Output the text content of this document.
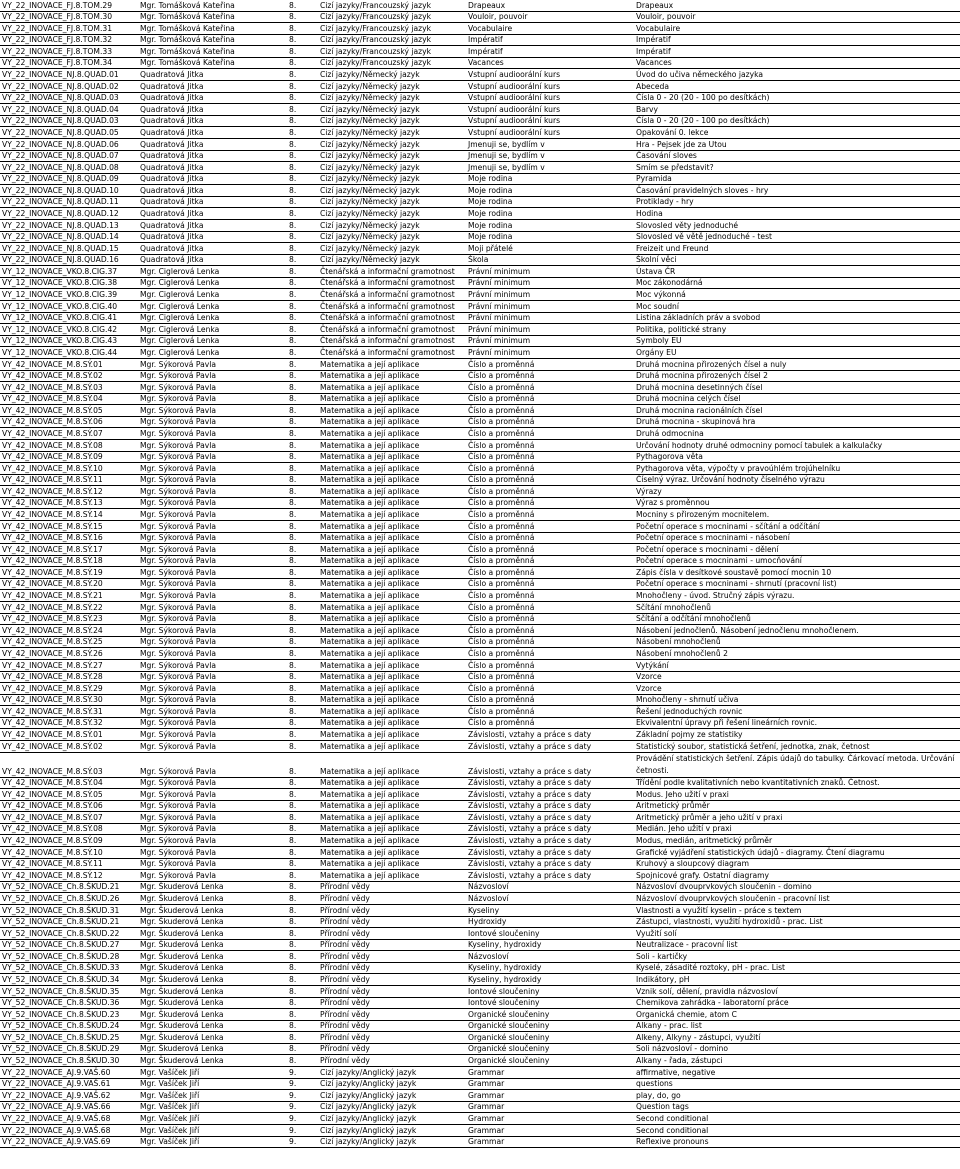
VY_22_INOVACE_FJ.8.TOM.29	Mgr. Tomášková Kateřina	8.	Cizí jazyky/Francouzský jazyk	Drapeaux	Drapeaux
VY_22_INOVACE_FJ.8.TOM.30	Mgr. Tomášková Kateřina	8.	Cizí jazyky/Francouzský jazyk	Vouloir, pouvoir	Vouloir, pouvoir
VY_22_INOVACE_FJ.8.TOM.31	Mgr. Tomášková Kateřina	8.	Cizí jazyky/Francouzský jazyk	Vocabulaire	Vocabulaire
VY_22_INOVACE_FJ.8.TOM.32	Mgr. Tomášková Kateřina	8.	Cizí jazyky/Francouzský jazyk	Impératif	Impératif
VY_22_INOVACE_FJ.8.TOM.33	Mgr. Tomášková Kateřina	8.	Cizí jazyky/Francouzský jazyk	Impératif	Impératif
VY_22_INOVACE_FJ.8.TOM.34	Mgr. Tomášková Kateřina	8.	Cizí jazyky/Francouzský jazyk	Vacances	Vacances
VY_22_INOVACE_NJ.8.QUAD.01	Quadratová Jitka	8.	Cizí jazyky/Německý jazyk	Vstupní audioorální kurs	Úvod do učiva německého jazyka
VY_22_INOVACE_NJ.8.QUAD.02	Quadratová Jitka	8.	Cizí jazyky/Německý jazyk	Vstupní audioorální kurs	Abeceda
VY_22_INOVACE_NJ.8.QUAD.03	Quadratová Jitka	8.	Cizí jazyky/Německý jazyk	Vstupní audioorální kurs	Čísla 0 - 20 (20 - 100 po desítkách)
VY_22_INOVACE_NJ.8.QUAD.04	Quadratová Jitka	8.	Cizí jazyky/Německý jazyk	Vstupní audioorální kurs	Barvy
VY_22_INOVACE_NJ.8.QUAD.03	Quadratová Jitka	8.	Cizí jazyky/Německý jazyk	Vstupní audioorální kurs	Čísla 0 - 20 (20 - 100 po desítkách)
VY_22_INOVACE_NJ.8.QUAD.05	Quadratová Jitka	8.	Cizí jazyky/Německý jazyk	Vstupní audioorální kurs	Opakování 0. lekce
VY_22_INOVACE_NJ.8.QUAD.06	Quadratová Jitka	8.	Cizí jazyky/Německý jazyk	Jmenuji se, bydlím v	Hra - Pejsek jde za Utou
VY_22_INOVACE_NJ.8.QUAD.07	Quadratová Jitka	8.	Cizí jazyky/Německý jazyk	Jmenuji se, bydlím v	Časování sloves
VY_22_INOVACE_NJ.8.QUAD.08	Quadratová Jitka	8.	Cizí jazyky/Německý jazyk	Jmenuji se, bydlím v	Smím se představit?
VY_22_INOVACE_NJ.8.QUAD.09	Quadratová Jitka	8.	Cizí jazyky/Německý jazyk	Moje rodina	Pyramida
VY_22_INOVACE_NJ.8.QUAD.10	Quadratová Jitka	8.	Cizí jazyky/Německý jazyk	Moje rodina	Časování pravidelných sloves - hry
VY_22_INOVACE_NJ.8.QUAD.11	Quadratová Jitka	8.	Cizí jazyky/Německý jazyk	Moje rodina	Protiklady - hry
VY_22_INOVACE_NJ.8.QUAD.12	Quadratová Jitka	8.	Cizí jazyky/Německý jazyk	Moje rodina	Hodina
VY_22_INOVACE_NJ.8.QUAD.13	Quadratová Jitka	8.	Cizí jazyky/Německý jazyk	Moje rodina	Slovosled věty jednoduché
VY_22_INOVACE_NJ.8.QUAD.14	Quadratová Jitka	8.	Cizí jazyky/Německý jazyk	Moje rodina	Slovosled vě větě jednoduché - test
VY_22_INOVACE_NJ.8.QUAD.15	Quadratová Jitka	8.	Cizí jazyky/Německý jazyk	Moji přátelé	Freizeit und Freund
VY_22_INOVACE_NJ.8.QUAD.16	Quadratová Jitka	8.	Cizí jazyky/Německý jazyk	Škola	Školní věci
VY_12_INOVACE_VKO.8.CIG.37	Mgr. Ciglerová Lenka	8.	Čtenářská a informační gramotnost	Právní minimum	Ústava ČR
VY_12_INOVACE_VKO.8.CIG.38	Mgr. Ciglerová Lenka	8.	Čtenářská a informační gramotnost	Právní minimum	Moc zákonodárná
VY_12_INOVACE_VKO.8.CIG.39	Mgr. Ciglerová Lenka	8.	Čtenářská a informační gramotnost	Právní minimum	Moc výkonná
VY_12_INOVACE_VKO.8.CIG.40	Mgr. Ciglerová Lenka	8.	Čtenářská a informační gramotnost	Právní minimum	Moc soudní
VY_12_INOVACE_VKO.8.CIG.41	Mgr. Ciglerová Lenka	8.	Čtenářská a informační gramotnost	Právní minimum	Listina základních práv a svobod
VY_12_INOVACE_VKO.8.CIG.42	Mgr. Ciglerová Lenka	8.	Čtenářská a informační gramotnost	Právní minimum	Politika, politické strany
VY_12_INOVACE_VKO.8.CIG.43	Mgr. Ciglerová Lenka	8.	Čtenářská a informační gramotnost	Právní minimum	Symboly EU
VY_12_INOVACE_VKO.8.CIG.44	Mgr. Ciglerová Lenka	8.	Čtenářská a informační gramotnost	Právní minimum	Orgány EU
VY_42_INOVACE_M.8.SÝ.01	Mgr. Sýkorová Pavla	8.	Matematika a její aplikace	Číslo a proměnná	Druhá mocnina přirozených čísel a nuly
VY_42_INOVACE_M.8.SÝ.02	Mgr. Sýkorová Pavla	8.	Matematika a její aplikace	Číslo a proměnná	Druhá mocnina přirozených čísel 2
VY_42_INOVACE_M.8.SÝ.03	Mgr. Sýkorová Pavla	8.	Matematika a její aplikace	Číslo a proměnná	Druhá mocnina desetinných čísel
VY_42_INOVACE_M.8.SÝ.04	Mgr. Sýkorová Pavla	8.	Matematika a její aplikace	Číslo a proměnná	Druhá mocnina celých čísel
VY_42_INOVACE_M.8.SÝ.05	Mgr. Sýkorová Pavla	8.	Matematika a její aplikace	Číslo a proměnná	Druhá mocnina racionálních čísel
VY_42_INOVACE_M.8.SÝ.06	Mgr. Sýkorová Pavla	8.	Matematika a její aplikace	Číslo a proměnná	Druhá mocnina - skupinová hra
VY_42_INOVACE_M.8.SÝ.07	Mgr. Sýkorová Pavla	8.	Matematika a její aplikace	Číslo a proměnná	Druhá odmocnina
VY_42_INOVACE_M.8.SÝ.08	Mgr. Sýkorová Pavla	8.	Matematika a její aplikace	Číslo a proměnná	Určování hodnoty druhé odmocniny pomocí tabulek a kalkulačky
VY_42_INOVACE_M.8.SÝ.09	Mgr. Sýkorová Pavla	8.	Matematika a její aplikace	Číslo a proměnná	Pythagorova věta
VY_42_INOVACE_M.8.SÝ.10	Mgr. Sýkorová Pavla	8.	Matematika a její aplikace	Číslo a proměnná	Pythagorova věta, výpočty v pravoúhlém trojúhelníku
VY_42_INOVACE_M.8.SÝ.11	Mgr. Sýkorová Pavla	8.	Matematika a její aplikace	Číslo a proměnná	Číselný výraz. Určování hodnoty číselného výrazu
VY_42_INOVACE_M.8.SÝ.12	Mgr. Sýkorová Pavla	8.	Matematika a její aplikace	Číslo a proměnná	Výrazy
VY_42_INOVACE_M.8.SÝ.13	Mgr. Sýkorová Pavla	8.	Matematika a její aplikace	Číslo a proměnná	Výraz s proměnnou
VY_42_INOVACE_M.8.SÝ.14	Mgr. Sýkorová Pavla	8.	Matematika a její aplikace	Číslo a proměnná	Mocniny s přirozeným mocnitelem.
VY_42_INOVACE_M.8.SÝ.15	Mgr. Sýkorová Pavla	8.	Matematika a její aplikace	Číslo a proměnná	Početní operace s mocninami - sčítání a odčítání
VY_42_INOVACE_M.8.SÝ.16	Mgr. Sýkorová Pavla	8.	Matematika a její aplikace	Číslo a proměnná	Početní operace s mocninami - násobení
VY_42_INOVACE_M.8.SÝ.17	Mgr. Sýkorová Pavla	8.	Matematika a její aplikace	Číslo a proměnná	Početní operace s mocninami - dělení
VY_42_INOVACE_M.8.SÝ.18	Mgr. Sýkorová Pavla	8.	Matematika a její aplikace	Číslo a proměnná	Početní operace s mocninami - umocňování
VY_42_INOVACE_M.8.SÝ.19	Mgr. Sýkorová Pavla	8.	Matematika a její aplikace	Číslo a proměnná	Zápis čísla v desítkové soustavě pomocí mocnin 10
VY_42_INOVACE_M.8.SÝ.20	Mgr. Sýkorová Pavla	8.	Matematika a její aplikace	Číslo a proměnná	Početní operace s mocninami - shrnutí (pracovní list)
VY_42_INOVACE_M.8.SÝ.21	Mgr. Sýkorová Pavla	8.	Matematika a její aplikace	Číslo a proměnná	Mnohočleny - úvod. Stručný zápis výrazu.
VY_42_INOVACE_M.8.SÝ.22	Mgr. Sýkorová Pavla	8.	Matematika a její aplikace	Číslo a proměnná	Sčítání mnohočlenů
VY_42_INOVACE_M.8.SÝ.23	Mgr. Sýkorová Pavla	8.	Matematika a její aplikace	Číslo a proměnná	Sčítání a odčítání mnohočlenů
VY_42_INOVACE_M.8.SÝ.24	Mgr. Sýkorová Pavla	8.	Matematika a její aplikace	Číslo a proměnná	Násobení jednočlenů. Násobení jednočlenu mnohočlenem.
VY_42_INOVACE_M.8.SÝ.25	Mgr. Sýkorová Pavla	8.	Matematika a její aplikace	Číslo a proměnná	Násobení mnohočlenů
VY_42_INOVACE_M.8.SÝ.26	Mgr. Sýkorová Pavla	8.	Matematika a její aplikace	Číslo a proměnná	Násobení mnohočlenů 2
VY_42_INOVACE_M.8.SÝ.27	Mgr. Sýkorová Pavla	8.	Matematika a její aplikace	Číslo a proměnná	Vytýkání
VY_42_INOVACE_M.8.SÝ.28	Mgr. Sýkorová Pavla	8.	Matematika a její aplikace	Číslo a proměnná	Vzorce
VY_42_INOVACE_M.8.SÝ.29	Mgr. Sýkorová Pavla	8.	Matematika a její aplikace	Číslo a proměnná	Vzorce
VY_42_INOVACE_M.8.SÝ.30	Mgr. Sýkorová Pavla	8.	Matematika a její aplikace	Číslo a proměnná	Mnohočleny - shrnutí učiva
VY_42_INOVACE_M.8.SÝ.31	Mgr. Sýkorová Pavla	8.	Matematika a její aplikace	Číslo a proměnná	Řešení jednoduchých rovnic
VY_42_INOVACE_M.8.SÝ.32	Mgr. Sýkorová Pavla	8.	Matematika a její aplikace	Číslo a proměnná	Ekvivalentní úpravy při řešení lineárních rovnic.
VY_42_INOVACE_M.8.SÝ.01	Mgr. Sýkorová Pavla	8.	Matematika a její aplikace	Závislosti, vztahy a práce s daty	Základní pojmy ze statistiky
VY_42_INOVACE_M.8.SÝ.02	Mgr. Sýkorová Pavla	8.	Matematika a její aplikace	Závislosti, vztahy a práce s daty	Statistický soubor, statistická šetření, jednotka, znak, četnost
VY_42_INOVACE_M.8.SÝ.03	Mgr. Sýkorová Pavla	8.	Matematika a její aplikace	Závislosti, vztahy a práce s daty	Provádění statistických šetření. Zápis údajů do tabulky. Čárkovací metoda. Určování četnosti.
VY_42_INOVACE_M.8.SÝ.04	Mgr. Sýkorová Pavla	8.	Matematika a její aplikace	Závislosti, vztahy a práce s daty	Třídění podle kvalitativních nebo kvantitativních znaků. Četnost.
VY_42_INOVACE_M.8.SÝ.05	Mgr. Sýkorová Pavla	8.	Matematika a její aplikace	Závislosti, vztahy a práce s daty	Modus. Jeho užití v praxi
VY_42_INOVACE_M.8.SÝ.06	Mgr. Sýkorová Pavla	8.	Matematika a její aplikace	Závislosti, vztahy a práce s daty	Aritmetický průměr
VY_42_INOVACE_M.8.SÝ.07	Mgr. Sýkorová Pavla	8.	Matematika a její aplikace	Závislosti, vztahy a práce s daty	Aritmetický průměr a jeho užití v praxi
VY_42_INOVACE_M.8.SÝ.08	Mgr. Sýkorová Pavla	8.	Matematika a její aplikace	Závislosti, vztahy a práce s daty	Medián. Jeho užití v praxi
VY_42_INOVACE_M.8.SÝ.09	Mgr. Sýkorová Pavla	8.	Matematika a její aplikace	Závislosti, vztahy a práce s daty	Modus, medián, aritmetický průměr
VY_42_INOVACE_M.8.SÝ.10	Mgr. Sýkorová Pavla	8.	Matematika a její aplikace	Závislosti, vztahy a práce s daty	Grafické vyjádření statistických údajů - diagramy. Čtení diagramu
VY_42_INOVACE_M.8.SÝ.11	Mgr. Sýkorová Pavla	8.	Matematika a její aplikace	Závislosti, vztahy a práce s daty	Kruhový a sloupcový diagram
VY_42_INOVACE_M.8.SÝ.12	Mgr. Sýkorová Pavla	8.	Matematika a její aplikace	Závislosti, vztahy a práce s daty	Spojnicové grafy. Ostatní diagramy
VY_52_INOVACE_Ch.8.ŠKUD.21	Mgr. Škuderová Lenka	8.	Přírodní vědy	Názvosloví	Názvosloví dvouprvkových sloučenin - domino
VY_52_INOVACE_Ch.8.ŠKUD.26	Mgr. Škuderová Lenka	8.	Přírodní vědy	Názvosloví	Názvosloví dvouprvkových sloučenin - pracovní list
VY_52_INOVACE_Ch.8.ŠKUD.31	Mgr. Škuderová Lenka	8.	Přírodní vědy	Kyseliny	Vlastnosti a využití kyselin - práce s textem
VY_52_INOVACE_Ch.8.ŠKUD.21	Mgr. Škuderová Lenka	8.	Přírodní vědy	Hydroxidy	Zástupci, vlastnosti, využití hydroxidů - prac. List
VY_52_INOVACE_Ch.8.ŠKUD.22	Mgr. Škuderová Lenka	8.	Přírodní vědy	Iontové sloučeniny	Využití solí
VY_52_INOVACE_Ch.8.ŠKUD.27	Mgr. Škuderová Lenka	8.	Přírodní vědy	Kyseliny, hydroxidy	Neutralizace - pracovní list
VY_52_INOVACE_Ch.8.ŠKUD.28	Mgr. Škuderová Lenka	8.	Přírodní vědy	Názvosloví	Soli - kartičky
VY_52_INOVACE_Ch.8.ŠKUD.33	Mgr. Škuderová Lenka	8.	Přírodní vědy	Kyseliny, hydroxidy	Kyselé, zásadité roztoky, pH - prac. List
VY_52_INOVACE_Ch.8.ŠKUD.34	Mgr. Škuderová Lenka	8.	Přírodní vědy	Kyseliny, hydroxidy	Indikátory, pH
VY_52_INOVACE_Ch.8.ŠKUD.35	Mgr. Škuderová Lenka	8.	Přírodní vědy	Iontové sloučeniny	Vznik solí, dělení, pravidla názvosloví
VY_52_INOVACE_Ch.8.ŠKUD.36	Mgr. Škuderová Lenka	8.	Přírodní vědy	Iontové sloučeniny	Chemikova zahrádka - laboratorní práce
VY_52_INOVACE_Ch.8.ŠKUD.23	Mgr. Škuderová Lenka	8.	Přírodní vědy	Organické sloučeniny	Organická chemie, atom C
VY_52_INOVACE_Ch.8.ŠKUD.24	Mgr. Škuderová Lenka	8.	Přírodní vědy	Organické sloučeniny	Alkany - prac. list
VY_52_INOVACE_Ch.8.ŠKUD.25	Mgr. Škuderová Lenka	8.	Přírodní vědy	Organické sloučeniny	Alkeny, Alkyny - zástupci, využití
VY_52_INOVACE_Ch.8.ŠKUD.29	Mgr. Škuderová Lenka	8.	Přírodní vědy	Organické sloučeniny	Soli názvosloví - domino
VY_52_INOVACE_Ch.8.ŠKUD.30	Mgr. Škuderová Lenka	8.	Přírodní vědy	Organické sloučeniny	Alkany - řada, zástupci
VY_22_INOVACE_AJ.9.VAŠ.60	Mgr. Vašíček Jiří	9.	Cizí jazyky/Anglický jazyk	Grammar	affirmative, negative
VY_22_INOVACE_AJ.9.VAŠ.61	Mgr. Vašíček Jiří	9.	Cizí jazyky/Anglický jazyk	Grammar	questions
VY_22_INOVACE_AJ.9.VAŠ.62	Mgr. Vašíček Jiří	9.	Cizí jazyky/Anglický jazyk	Grammar	play, do, go
VY_22_INOVACE_AJ.9.VAŠ.66	Mgr. Vašíček Jiří	9.	Cizí jazyky/Anglický jazyk	Grammar	Question tags
VY_22_INOVACE_AJ.9.VAŠ.68	Mgr. Vašíček Jiří	9.	Cizí jazyky/Anglický jazyk	Grammar	Second conditional
VY_22_INOVACE_AJ.9.VAŠ.68	Mgr. Vašíček Jiří	9.	Cizí jazyky/Anglický jazyk	Grammar	Second conditional
VY_22_INOVACE_AJ.9.VAŠ.69	Mgr. Vašíček Jiří	9.	Cizí jazyky/Anglický jazyk	Grammar	Reflexive pronouns
